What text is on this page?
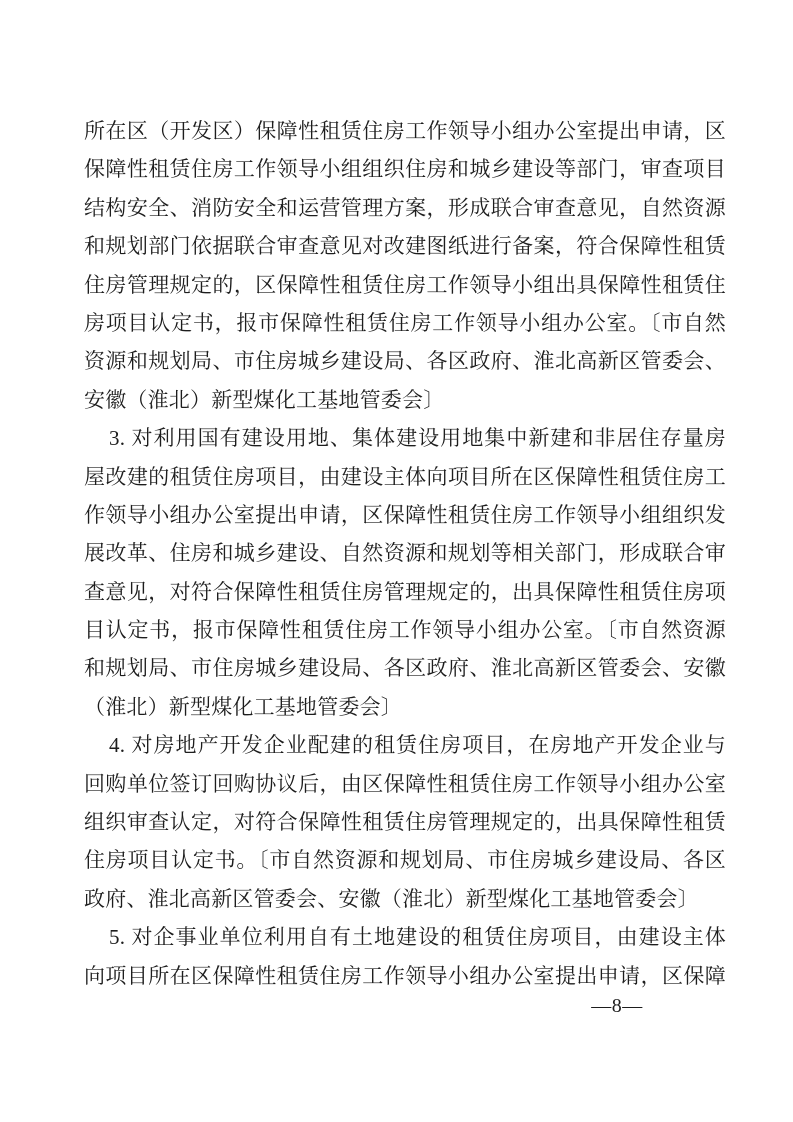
所在区（开发区）保障性租赁住房工作领导小组办公室提出申请，区
保障性租赁住房工作领导小组组织住房和城乡建设等部门，审查项目
结构安全、消防安全和运营管理方案，形成联合审查意见，自然资源
和规划部门依据联合审查意见对改建图纸进行备案，符合保障性租赁
住房管理规定的，区保障性租赁住房工作领导小组出具保障性租赁住
房项目认定书，报市保障性租赁住房工作领导小组办公室。〔市自然
资源和规划局、市住房城乡建设局、各区政府、淮北高新区管委会、
安徽（淮北）新型煤化工基地管委会〕
3. 对利用国有建设用地、集体建设用地集中新建和非居住存量房
屋改建的租赁住房项目，由建设主体向项目所在区保障性租赁住房工
作领导小组办公室提出申请，区保障性租赁住房工作领导小组组织发
展改革、住房和城乡建设、自然资源和规划等相关部门，形成联合审
查意见，对符合保障性租赁住房管理规定的，出具保障性租赁住房项
目认定书，报市保障性租赁住房工作领导小组办公室。〔市自然资源
和规划局、市住房城乡建设局、各区政府、淮北高新区管委会、安徽
（淮北）新型煤化工基地管委会〕
4. 对房地产开发企业配建的租赁住房项目，在房地产开发企业与
回购单位签订回购协议后，由区保障性租赁住房工作领导小组办公室
组织审查认定，对符合保障性租赁住房管理规定的，出具保障性租赁
住房项目认定书。〔市自然资源和规划局、市住房城乡建设局、各区
政府、淮北高新区管委会、安徽（淮北）新型煤化工基地管委会〕
5. 对企事业单位利用自有土地建设的租赁住房项目，由建设主体
向项目所在区保障性租赁住房工作领导小组办公室提出申请，区保障
—8—
